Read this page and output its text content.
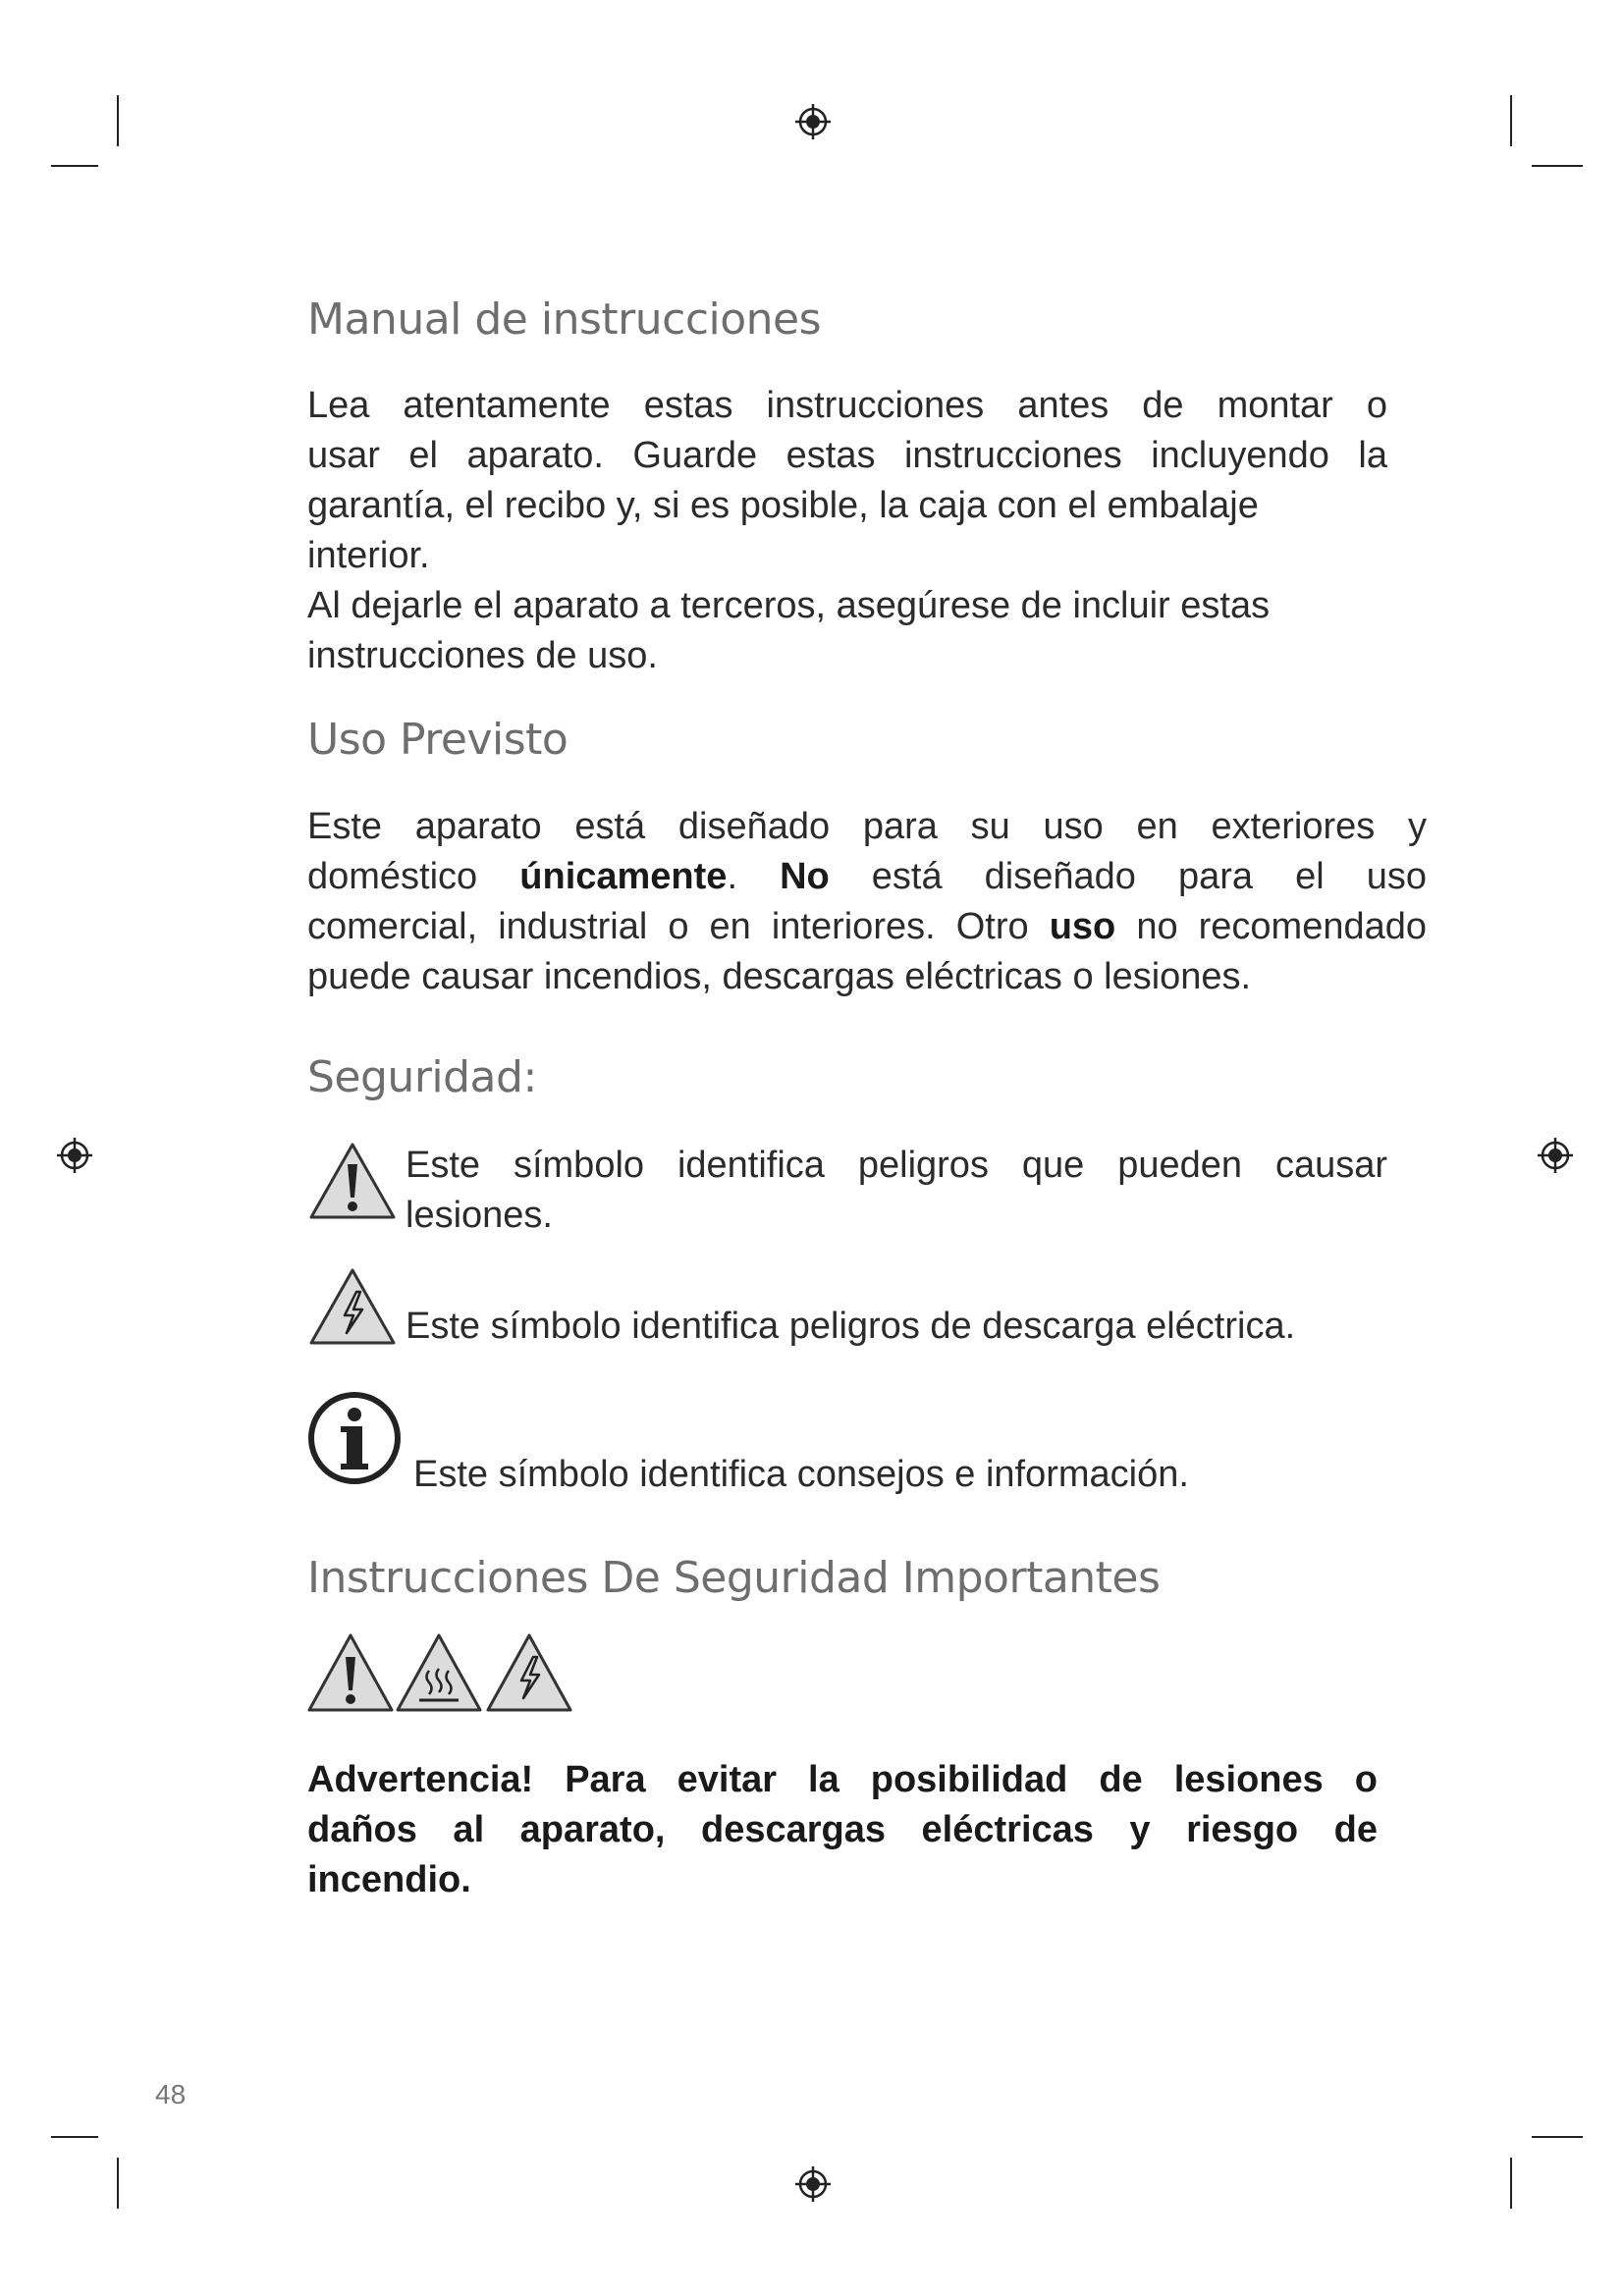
Manual de instrucciones

Lea atentamente estas instrucciones antes de montar o

usar el aparato. Guarde estas instrucciones incluyendo la

garantía, el recibo y, si es posible, la caja con el embalaje

interior.

Al dejarle el aparato a terceros, asegúrese de incluir estas

instrucciones de uso.

Uso Previsto

Este aparato está diseñado para su uso en exteriores y

doméstico únicamente. No está diseñado para el uso

comercial, industrial o en interiores. Otro uso no recomendado

puede causar incendios, descargas eléctricas o lesiones.

Seguridad:

Este símbolo identifica peligros que pueden causar

lesiones.

Este símbolo identifica peligros de descarga eléctrica.

Este símbolo identifica consejos e información.

Instrucciones De Seguridad Importantes

Advertencia! Para evitar la posibilidad de lesiones o

daños al aparato, descargas eléctricas y riesgo de

incendio.

48
